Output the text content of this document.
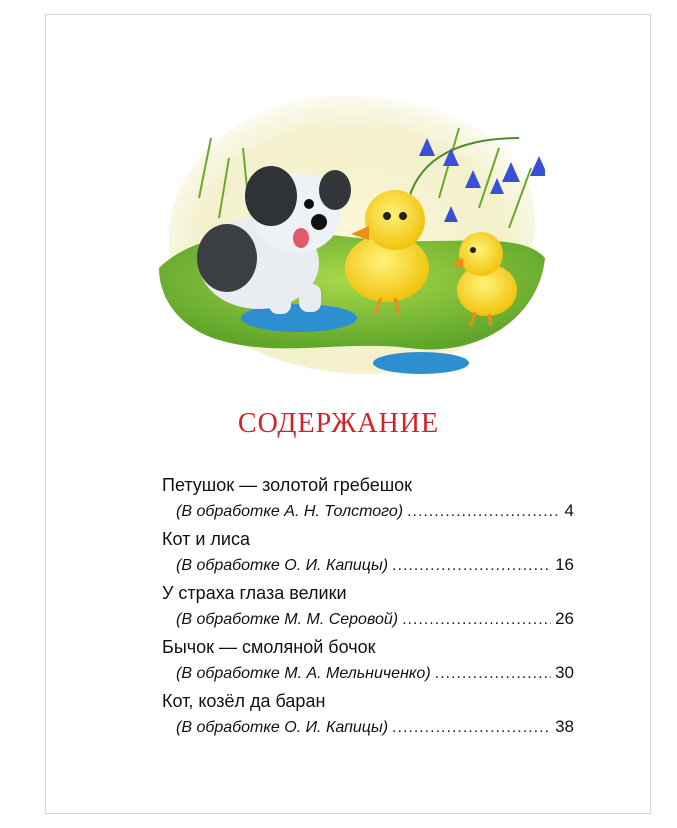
СОДЕРЖАНИЕ
Петушок — золотой гребешок
(В обработке А. Н. Толстого) .....	4
Кот и лиса
(В обработке О. И. Капицы) .....	16
У страха глаза велики
(В обработке М. М. Серовой) .....	26
Бычок — смоляной бочок
(В обработке М. А. Мельниченко) .....	30
Кот, козёл да баран
(В обработке О. И. Капицы) .....	38
